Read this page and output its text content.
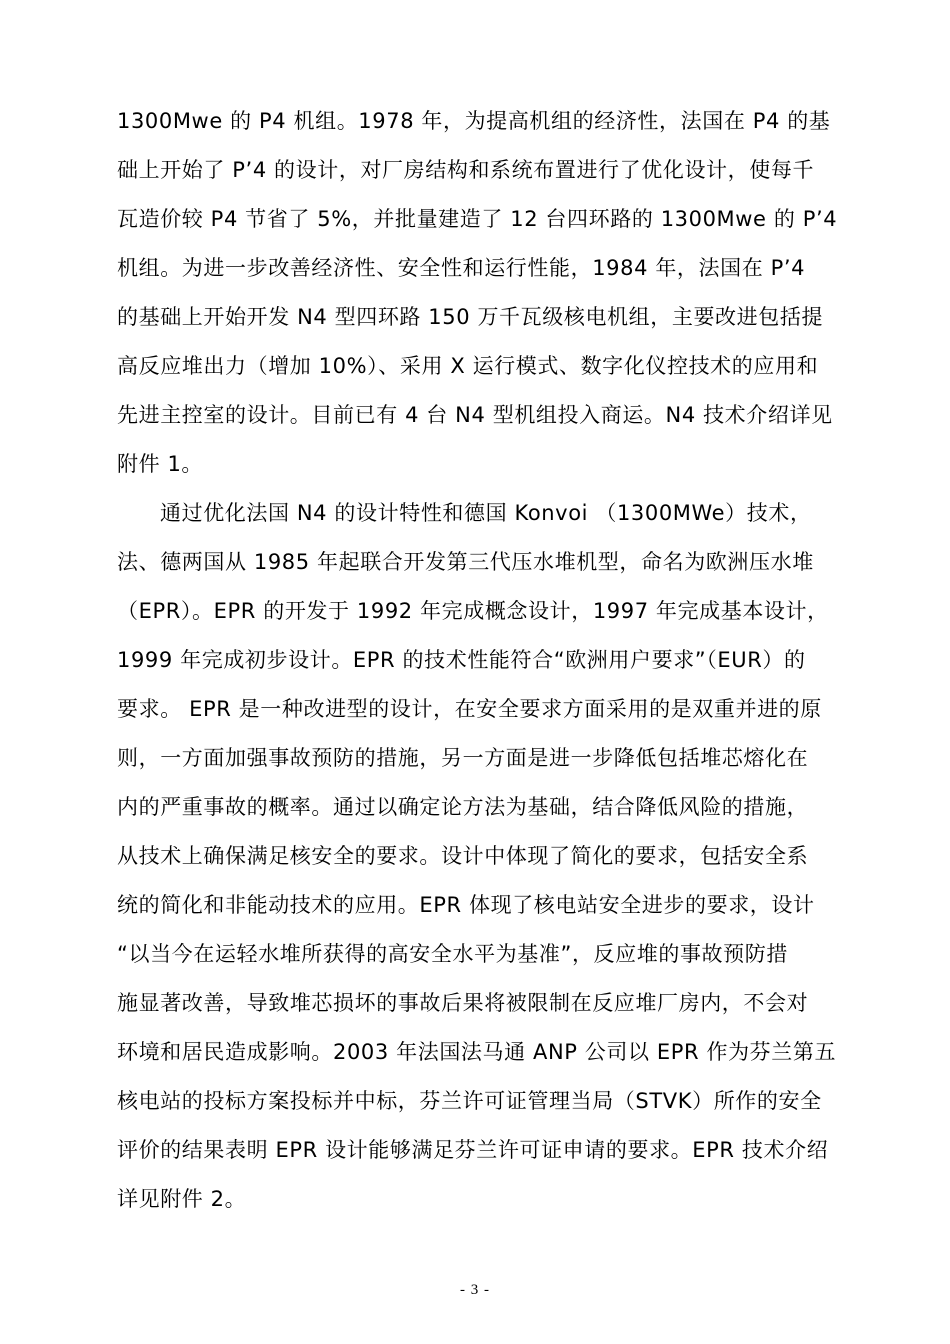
1300Mwe 的 P4 机组。1978 年，为提高机组的经济性，法国在 P4 的基
础上开始了 P’4 的设计，对厂房结构和系统布置进行了优化设计，使每千
瓦造价较 P4 节省了 5%，并批量建造了 12 台四环路的 1300Mwe 的 P’4
机组。为进一步改善经济性、安全性和运行性能，1984 年，法国在 P’4
的基础上开始开发 N4 型四环路 150 万千瓦级核电机组，主要改进包括提
高反应堆出力（增加 10%）、采用 X 运行模式、数字化仪控技术的应用和
先进主控室的设计。目前已有 4 台 N4 型机组投入商运。N4 技术介绍详见
附件 1。
通过优化法国 N4 的设计特性和德国 Konvoi （1300MWe）技术，
法、德两国从 1985 年起联合开发第三代压水堆机型，命名为欧洲压水堆
（EPR）。EPR 的开发于 1992 年完成概念设计，1997 年完成基本设计，
1999 年完成初步设计。EPR 的技术性能符合“欧洲用户要求”（EUR）的
要求。 EPR 是一种改进型的设计，在安全要求方面采用的是双重并进的原
则，一方面加强事故预防的措施，另一方面是进一步降低包括堆芯熔化在
内的严重事故的概率。通过以确定论方法为基础，结合降低风险的措施，
从技术上确保满足核安全的要求。设计中体现了简化的要求，包括安全系
统的简化和非能动技术的应用。EPR 体现了核电站安全进步的要求，设计
“以当今在运轻水堆所获得的高安全水平为基准”，反应堆的事故预防措
施显著改善，导致堆芯损坏的事故后果将被限制在反应堆厂房内，不会对
环境和居民造成影响。2003 年法国法马通 ANP 公司以 EPR 作为芬兰第五
核电站的投标方案投标并中标，芬兰许可证管理当局（STVK）所作的安全
评价的结果表明 EPR 设计能够满足芬兰许可证申请的要求。EPR 技术介绍
详见附件 2。
- 3 -
